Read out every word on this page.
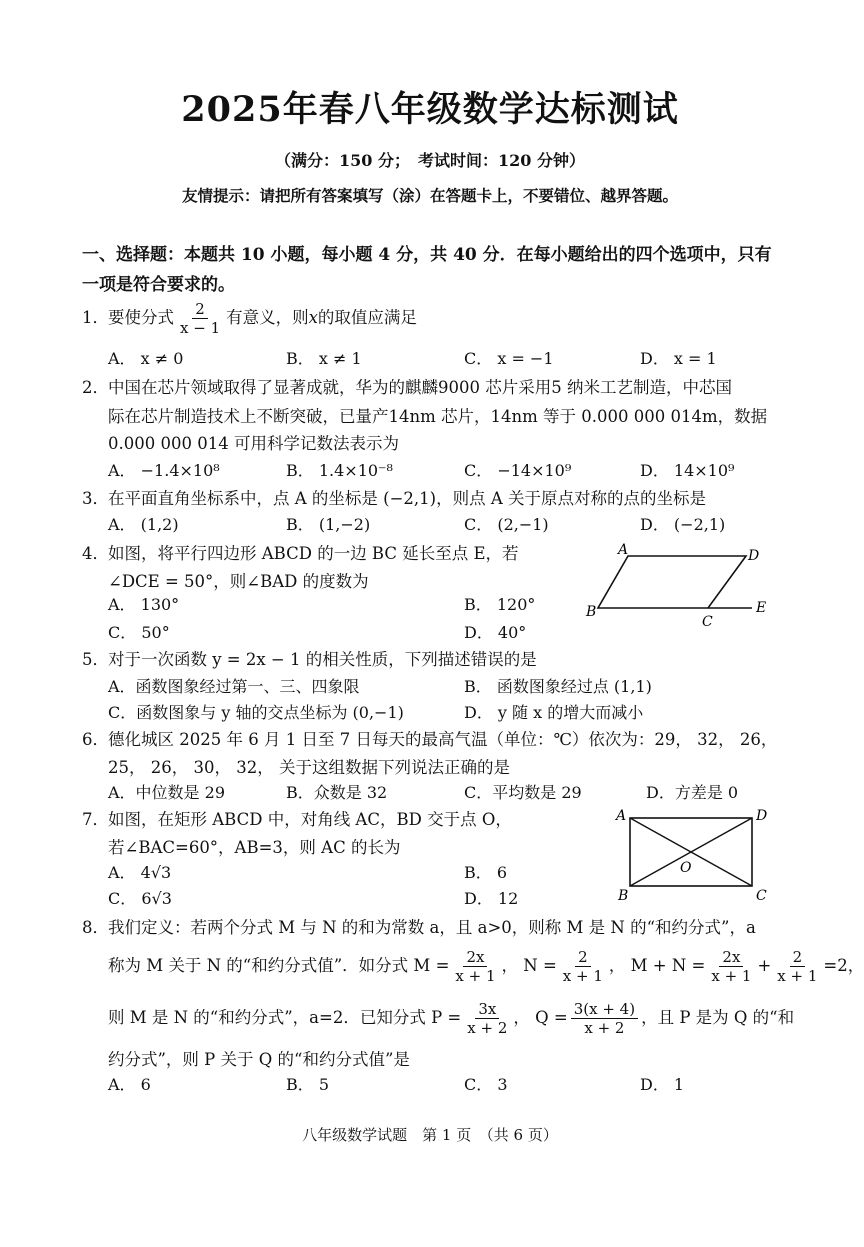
2025年春八年级数学达标测试
（满分：150 分；　考试时间：120 分钟）
友情提示：请把所有答案填写（涂）在答题卡上，不要错位、越界答题。
一、选择题：本题共 10 小题，每小题 4 分，共 40 分．在每小题给出的四个选项中，只有一项是符合要求的。
1．要使分式 $\frac{2}{x - 1}$ 有意义，则x的取值应满足
A． x ≠ 0	B． x ≠ 1	C． x = −1	D． x = 1
2．中国在芯片领域取得了显著成就，华为的麒麟9000 芯片采用5 纳米工艺制造，中芯国
际在芯片制造技术上不断突破，已量产14nm 芯片，14nm 等于 0.000 000 014m，数据
0.000 000 014 可用科学记数法表示为
A． −1.4×10⁸	B． 1.4×10⁻⁸	C． −14×10⁹	D． 14×10⁹
3．在平面直角坐标系中，点 A 的坐标是 (−2,1)，则点 A 关于原点对称的点的坐标是
A． (1,2)	B． (1,−2)	C． (2,−1)	D． (−2,1)
4．如图，将平行四边形 ABCD 的一边 BC 延长至点 E，若
∠DCE = 50°，则∠BAD 的度数为
A． 130°	B． 120°
C． 50°	D． 40°
A	D
B
C
E
5．对于一次函数 y = 2x − 1 的相关性质，下列描述错误的是
A．函数图象经过第一、三、四象限	B． 函数图象经过点 (1,1)
C．函数图象与 y 轴的交点坐标为 (0,−1)	D． y 随 x 的增大而减小
6．德化城区 2025 年 6 月 1 日至 7 日每天的最高气温（单位：℃）依次为：29， 32， 26，
25， 26， 30， 32， 关于这组数据下列说法正确的是
A．中位数是 29	B．众数是 32	C．平均数是 29	D．方差是 0
7．如图，在矩形 ABCD 中，对角线 AC，BD 交于点 O，
若∠BAC=60°，AB=3，则 AC 的长为
A． 4√3	B． 6
C． 6√3	D． 12
A	D
B	C
O
8．我们定义：若两个分式 M 与 N 的和为常数 a，且 a>0，则称 M 是 N 的“和约分式”，a
称为 M 关于 N 的“和约分式值”．如分式 $M = \frac{2x}{x + 1}$ ， $N = \frac{2}{x + 1}$ ， $M + N = \frac{2x}{x + 1} + \frac{2}{x + 1} =2$，
则 M 是 N 的“和约分式”，a=2．已知分式 $P = \frac{3x}{x + 2}$ ， $Q = \frac{3(x + 4)}{x + 2}$ ，且 P 是为 Q 的“和
约分式”，则 P 关于 Q 的“和约分式值”是
A． 6	B． 5	C． 3	D． 1
八年级数学试题　第 1 页　（共 6 页）
